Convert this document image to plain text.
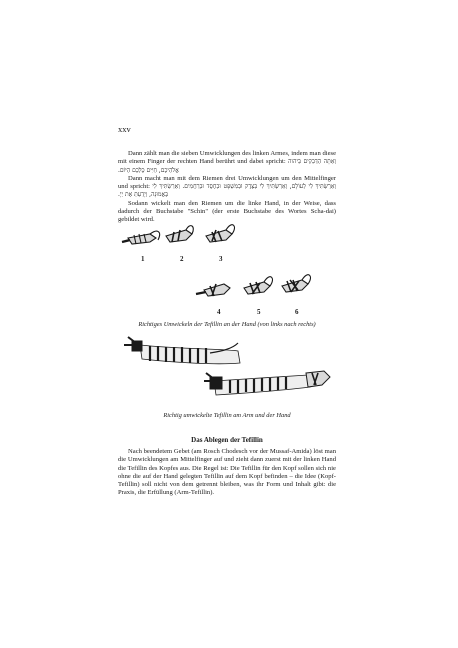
xxv

Dann zählt man die sieben Umwicklungen des linken Armes, indem man diese mit einem Finger der rechten Hand berührt und dabei spricht: וְאַתָּה הַדְּבֵקִים בַּיהוה אֱלֹהֵיכֶם, חַיִּים כֻּלְּכֶם הַיּוֹם.

Dann macht man mit dem Riemen drei Umwicklungen um den Mittelfinger und spricht: וְאֵרַשְׂתִּיךְ לִי לְעוֹלָם, וְאֵרַשְׂתִּיךְ לִי בְּצֶדֶק וּבְמִשְׁפָּט וּבְחֶסֶד וּבְרַחֲמִים. וְאֵרַשְׂתִּיךְ לִי בֶּאֱמוּנָה, וְיָדַעַתְּ אֶת יְיָ.

Sodann wickelt man den Riemen um die linke Hand, in der Weise, dass dadurch der Buchstabe "Schin" (der erste Buchstabe des Wortes Scha-dai) gebildet wird.

1	2	3
4	5	6
Richtiges Umwickeln der Tefillin an der Hand (von links nach rechts)
Richtig umwickelte Tefillin am Arm und der Hand
Das Ablegen der Tefillin

Nach beendetem Gebet (am Rosch Chodesch vor der Mussaf-Amida) löst man die Umwicklungen am Mittelfinger auf und zieht dann zuerst mit der linken Hand die Tefillin des Kopfes aus. Die Regel ist: Die Tefillin für den Kopf sollen sich nie ohne die auf der Hand gelegten Tefillin auf dem Kopf befinden – die Idee (Kopf-Tefillin) soll nicht von dem getrennt bleiben, was ihr Form und Inhalt gibt: die Praxis, die Erfüllung (Arm-Tefillin).
